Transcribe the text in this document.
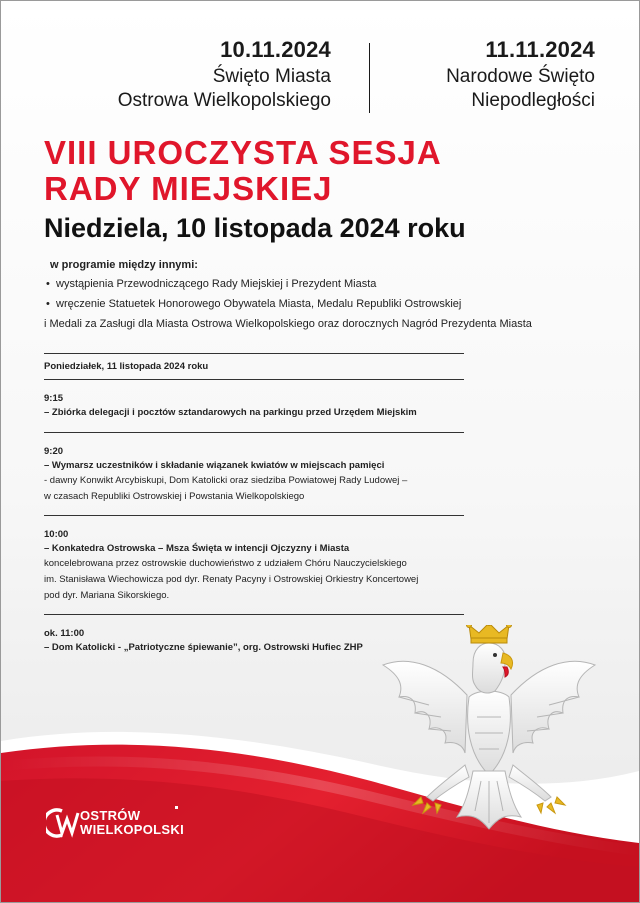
10.11.2024
Święto Miasta
Ostrowa Wielkopolskiego
11.11.2024
Narodowe Święto
Niepodległości
VIII UROCZYSTA SESJA
RADY MIEJSKIEJ
Niedziela, 10 listopada 2024 roku
w programie między innymi:
• wystąpienia Przewodniczącego Rady Miejskiej i Prezydent Miasta
• wręczenie Statuetek Honorowego Obywatela Miasta, Medalu Republiki Ostrowskiej
i Medali za Zasługi dla Miasta Ostrowa Wielkopolskiego oraz dorocznych Nagród Prezydenta Miasta
Poniedziałek, 11 listopada 2024 roku
9:15
– Zbiórka delegacji i pocztów sztandarowych na parkingu przed Urzędem Miejskim
9:20
– Wymarsz uczestników i składanie wiązanek kwiatów w miejscach pamięci
- dawny Konwikt Arcybiskupi, Dom Katolicki oraz siedziba Powiatowej Rady Ludowej –
w czasach Republiki Ostrowskiej i Powstania Wielkopolskiego
10:00
– Konkatedra Ostrowska – Msza Święta w intencji Ojczyzny i Miasta
koncelebrowana przez ostrowskie duchowieństwo z udziałem Chóru Nauczycielskiego
im. Stanisława Wiechowicza pod dyr. Renaty Pacyny i Ostrowskiej Orkiestry Koncertowej
pod dyr. Mariana Sikorskiego.
ok. 11:00
– Dom Katolicki - „Patriotyczne śpiewanie”, org. Ostrowski Hufiec ZHP
OSTRÓW
WIELKOPOLSKI
